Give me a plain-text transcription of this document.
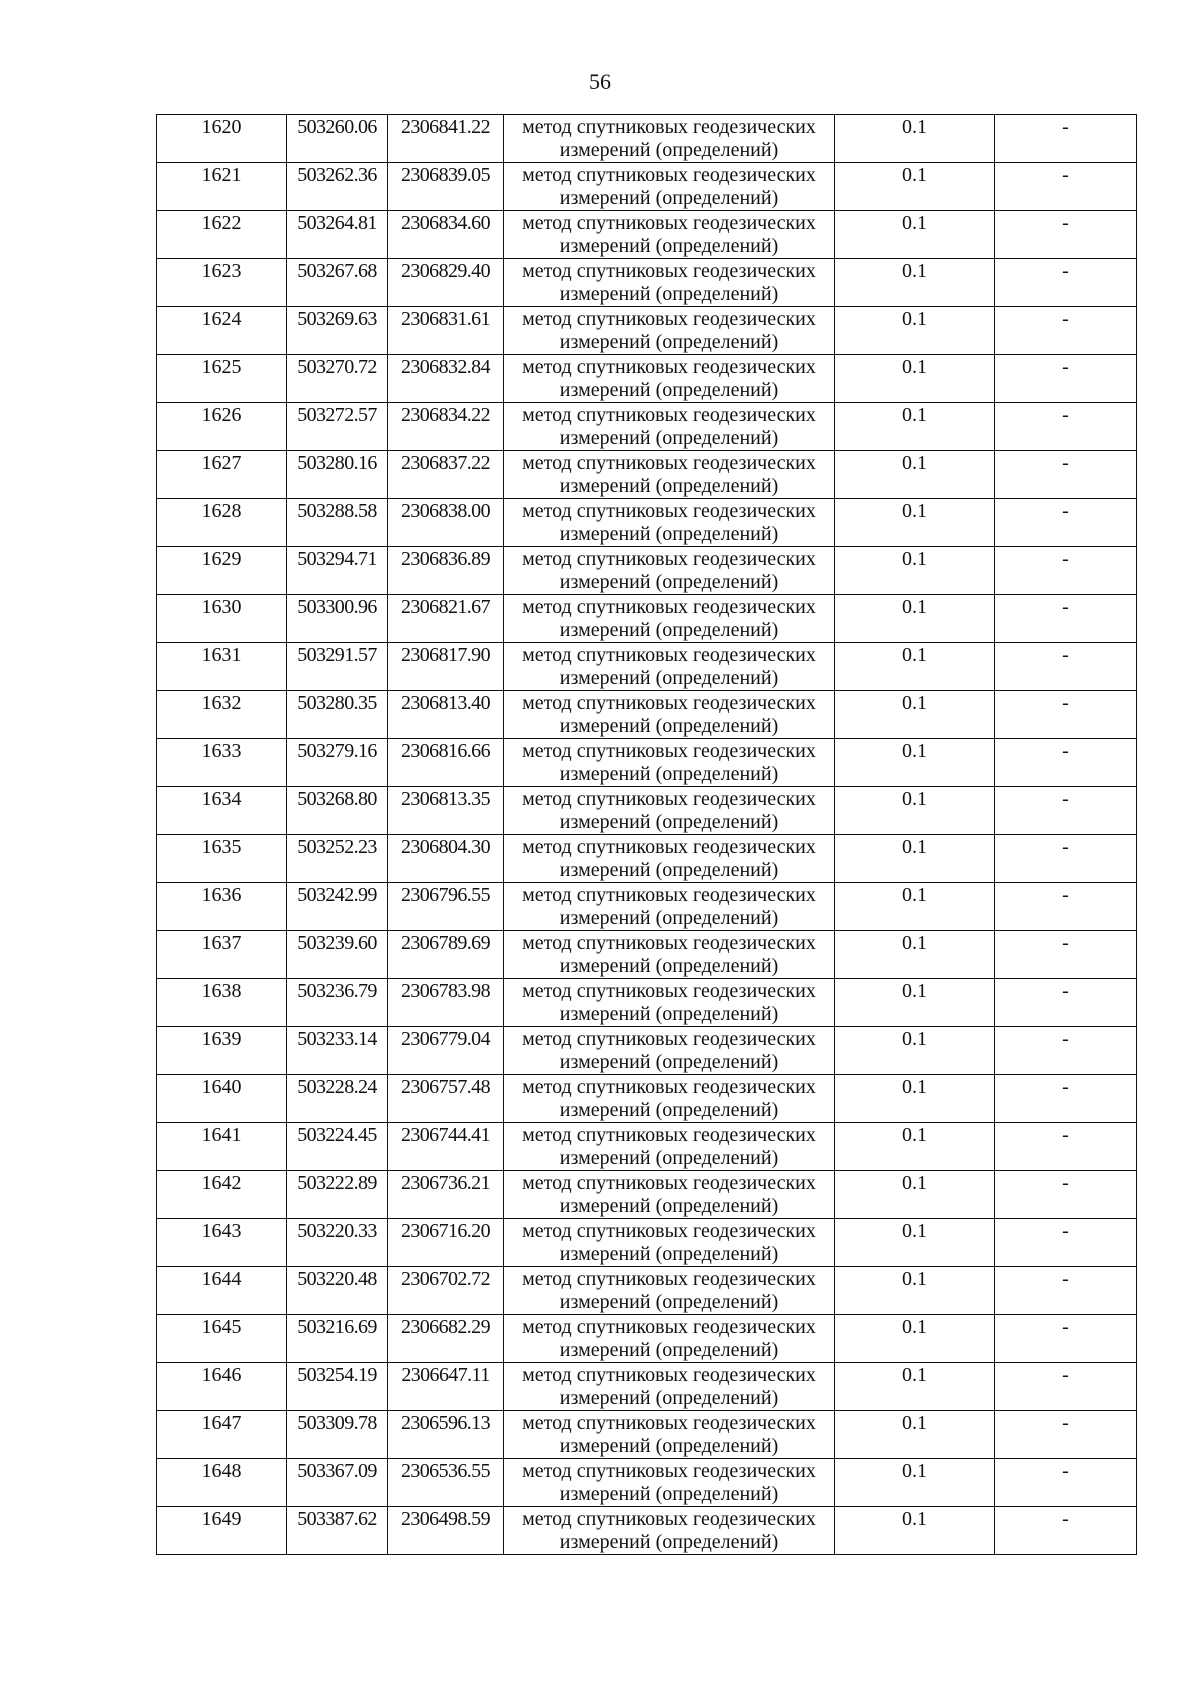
56
1620	503260.06	2306841.22	метод спутниковых геодезических
измерений (определений)	0.1	-
1621	503262.36	2306839.05	метод спутниковых геодезических
измерений (определений)	0.1	-
1622	503264.81	2306834.60	метод спутниковых геодезических
измерений (определений)	0.1	-
1623	503267.68	2306829.40	метод спутниковых геодезических
измерений (определений)	0.1	-
1624	503269.63	2306831.61	метод спутниковых геодезических
измерений (определений)	0.1	-
1625	503270.72	2306832.84	метод спутниковых геодезических
измерений (определений)	0.1	-
1626	503272.57	2306834.22	метод спутниковых геодезических
измерений (определений)	0.1	-
1627	503280.16	2306837.22	метод спутниковых геодезических
измерений (определений)	0.1	-
1628	503288.58	2306838.00	метод спутниковых геодезических
измерений (определений)	0.1	-
1629	503294.71	2306836.89	метод спутниковых геодезических
измерений (определений)	0.1	-
1630	503300.96	2306821.67	метод спутниковых геодезических
измерений (определений)	0.1	-
1631	503291.57	2306817.90	метод спутниковых геодезических
измерений (определений)	0.1	-
1632	503280.35	2306813.40	метод спутниковых геодезических
измерений (определений)	0.1	-
1633	503279.16	2306816.66	метод спутниковых геодезических
измерений (определений)	0.1	-
1634	503268.80	2306813.35	метод спутниковых геодезических
измерений (определений)	0.1	-
1635	503252.23	2306804.30	метод спутниковых геодезических
измерений (определений)	0.1	-
1636	503242.99	2306796.55	метод спутниковых геодезических
измерений (определений)	0.1	-
1637	503239.60	2306789.69	метод спутниковых геодезических
измерений (определений)	0.1	-
1638	503236.79	2306783.98	метод спутниковых геодезических
измерений (определений)	0.1	-
1639	503233.14	2306779.04	метод спутниковых геодезических
измерений (определений)	0.1	-
1640	503228.24	2306757.48	метод спутниковых геодезических
измерений (определений)	0.1	-
1641	503224.45	2306744.41	метод спутниковых геодезических
измерений (определений)	0.1	-
1642	503222.89	2306736.21	метод спутниковых геодезических
измерений (определений)	0.1	-
1643	503220.33	2306716.20	метод спутниковых геодезических
измерений (определений)	0.1	-
1644	503220.48	2306702.72	метод спутниковых геодезических
измерений (определений)	0.1	-
1645	503216.69	2306682.29	метод спутниковых геодезических
измерений (определений)	0.1	-
1646	503254.19	2306647.11	метод спутниковых геодезических
измерений (определений)	0.1	-
1647	503309.78	2306596.13	метод спутниковых геодезических
измерений (определений)	0.1	-
1648	503367.09	2306536.55	метод спутниковых геодезических
измерений (определений)	0.1	-
1649	503387.62	2306498.59	метод спутниковых геодезических
измерений (определений)	0.1	-
